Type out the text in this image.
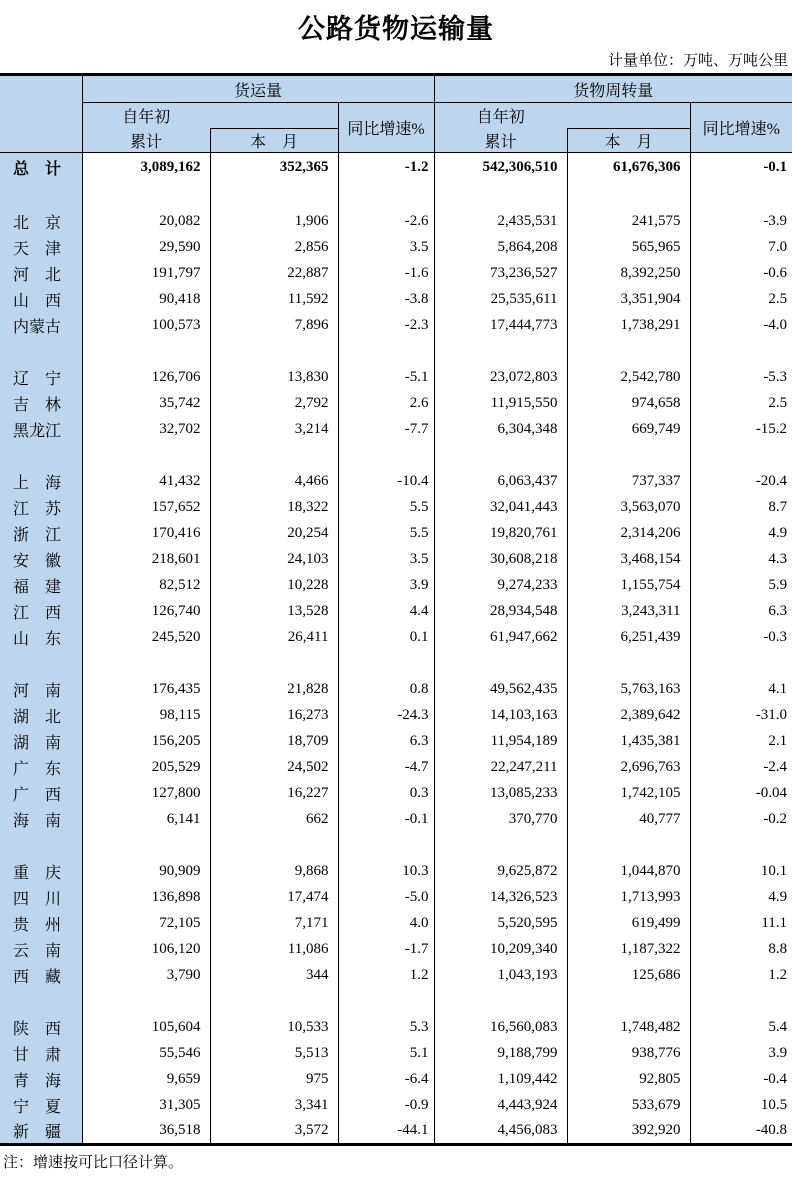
公路货物运输量
计量单位：万吨、万吨公里
	货运量			货物周转量		
	自年初		同比增速%	自年初		同比增速%
	累计	本　月		累计	本　月	
总　计	3,089,162	352,365	-1.2	542,306,510	61,676,306	-0.1

北　京	20,082	1,906	-2.6	2,435,531	241,575	-3.9
天　津	29,590	2,856	3.5	5,864,208	565,965	7.0
河　北	191,797	22,887	-1.6	73,236,527	8,392,250	-0.6
山　西	90,418	11,592	-3.8	25,535,611	3,351,904	2.5
内蒙古	100,573	7,896	-2.3	17,444,773	1,738,291	-4.0

辽　宁	126,706	13,830	-5.1	23,072,803	2,542,780	-5.3
吉　林	35,742	2,792	2.6	11,915,550	974,658	2.5
黑龙江	32,702	3,214	-7.7	6,304,348	669,749	-15.2

上　海	41,432	4,466	-10.4	6,063,437	737,337	-20.4
江　苏	157,652	18,322	5.5	32,041,443	3,563,070	8.7
浙　江	170,416	20,254	5.5	19,820,761	2,314,206	4.9
安　徽	218,601	24,103	3.5	30,608,218	3,468,154	4.3
福　建	82,512	10,228	3.9	9,274,233	1,155,754	5.9
江　西	126,740	13,528	4.4	28,934,548	3,243,311	6.3
山　东	245,520	26,411	0.1	61,947,662	6,251,439	-0.3

河　南	176,435	21,828	0.8	49,562,435	5,763,163	4.1
湖　北	98,115	16,273	-24.3	14,103,163	2,389,642	-31.0
湖　南	156,205	18,709	6.3	11,954,189	1,435,381	2.1
广　东	205,529	24,502	-4.7	22,247,211	2,696,763	-2.4
广　西	127,800	16,227	0.3	13,085,233	1,742,105	-0.04
海　南	6,141	662	-0.1	370,770	40,777	-0.2

重　庆	90,909	9,868	10.3	9,625,872	1,044,870	10.1
四　川	136,898	17,474	-5.0	14,326,523	1,713,993	4.9
贵　州	72,105	7,171	4.0	5,520,595	619,499	11.1
云　南	106,120	11,086	-1.7	10,209,340	1,187,322	8.8
西　藏	3,790	344	1.2	1,043,193	125,686	1.2

陕　西	105,604	10,533	5.3	16,560,083	1,748,482	5.4
甘　肃	55,546	5,513	5.1	9,188,799	938,776	3.9
青　海	9,659	975	-6.4	1,109,442	92,805	-0.4
宁　夏	31,305	3,341	-0.9	4,443,924	533,679	10.5
新　疆	36,518	3,572	-44.1	4,456,083	392,920	-40.8
注：增速按可比口径计算。
